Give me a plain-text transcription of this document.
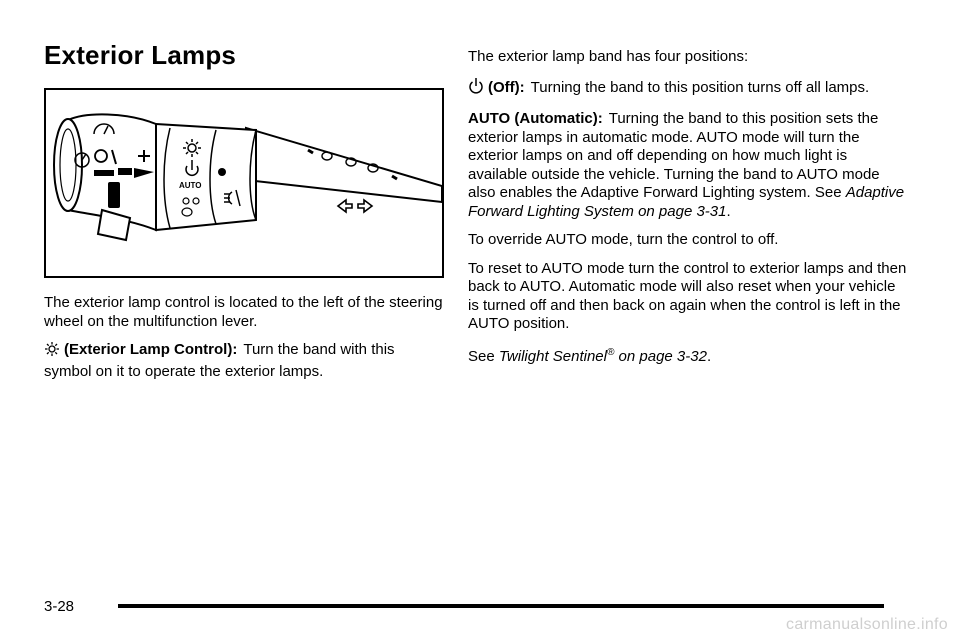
Exterior Lamps
AUTO

The exterior lamp control is located to the left of the steering wheel on the multifunction lever.

(Exterior Lamp Control): Turn the band with this symbol on it to operate the exterior lamps.

The exterior lamp band has four positions:

(Off): Turning the band to this position turns off all lamps.

AUTO (Automatic): Turning the band to this position sets the exterior lamps in automatic mode. AUTO mode will turn the exterior lamps on and off depending on how much light is available outside the vehicle. Turning the band to AUTO mode also enables the Adaptive Forward Lighting system. See Adaptive Forward Lighting System on page 3-31.

To override AUTO mode, turn the control to off.

To reset to AUTO mode turn the control to exterior lamps and then back to AUTO. Automatic mode will also reset when your vehicle is turned off and then back on again when the control is left in the AUTO position.

See Twilight Sentinel® on page 3-32.

3-28
carmanualsonline.info
